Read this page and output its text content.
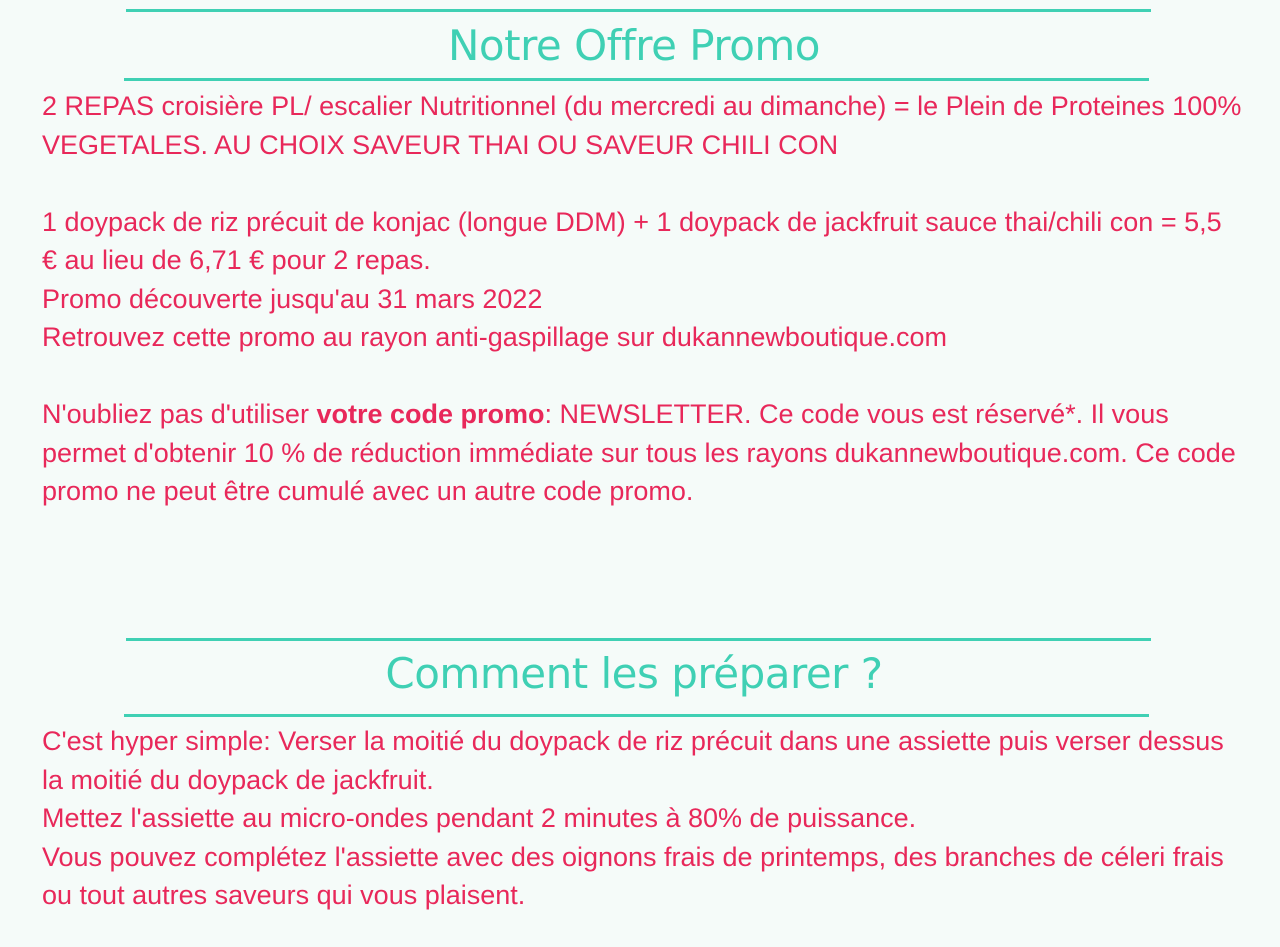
Notre Offre Promo

2 REPAS croisière PL/ escalier Nutritionnel (du mercredi au dimanche) = le Plein de Proteines 100% VEGETALES. AU CHOIX SAVEUR THAI OU SAVEUR CHILI CON

1 doypack de riz précuit de konjac (longue DDM) + 1 doypack de jackfruit sauce thai/chili con = 5,5 € au lieu de 6,71 € pour 2 repas.

Promo découverte jusqu'au 31 mars 2022

Retrouvez cette promo au rayon anti-gaspillage sur dukannewboutique.com

N'oubliez pas d'utiliser votre code promo: NEWSLETTER. Ce code vous est réservé*. Il vous permet d'obtenir 10 % de réduction immédiate sur tous les rayons dukannewboutique.com. Ce code promo ne peut être cumulé avec un autre code promo.

Comment les préparer ?

C'est hyper simple: Verser la moitié du doypack de riz précuit dans une assiette puis verser dessus la moitié du doypack de jackfruit.

Mettez l'assiette au micro-ondes pendant 2 minutes à 80% de puissance.

Vous pouvez complétez l'assiette avec des oignons frais de printemps, des branches de céleri frais ou tout autres saveurs qui vous plaisent.
